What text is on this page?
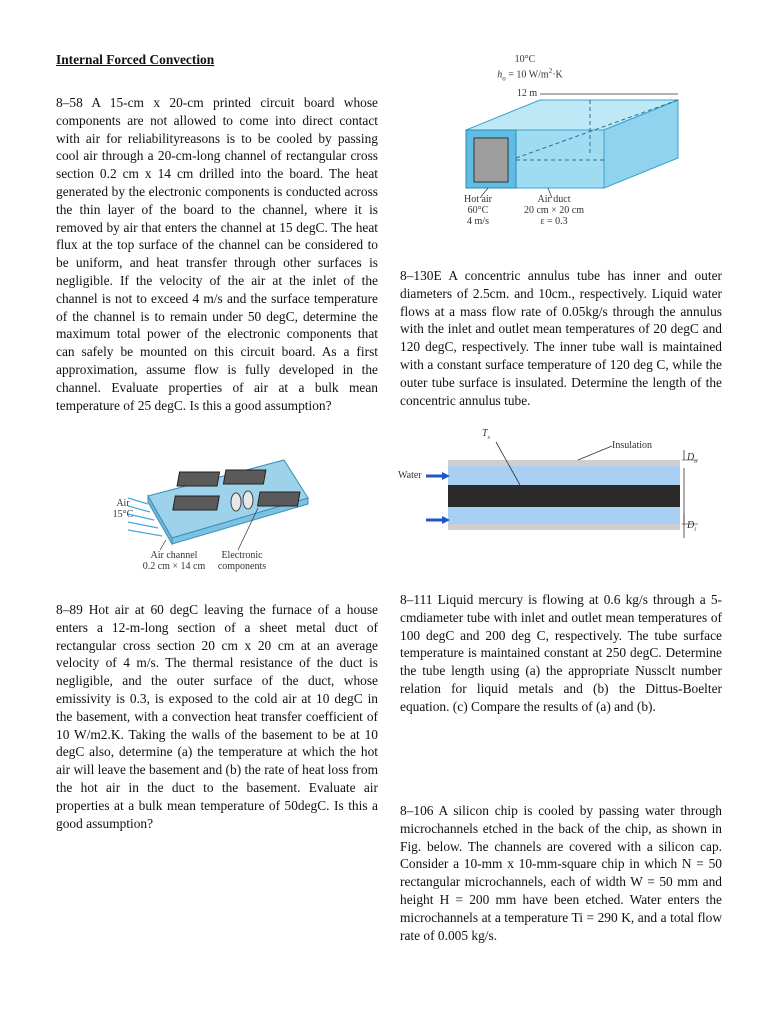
Internal Forced Convection
8–58 A 15-cm x 20-cm printed circuit board whose components are not allowed to come into direct contact with air for reliabilityreasons is to be cooled by passing cool air through a 20-cm-long channel of rectangular cross section 0.2 cm x 14 cm drilled into the board. The heat generated by the electronic components is conducted across the thin layer of the board to the channel, where it is removed by air that enters the channel at 15 degC. The heat flux at the top surface of the channel can be considered to be uniform, and heat transfer through other surfaces is negligible. If the velocity of the air at the inlet of the channel is not to exceed 4 m/s and the surface temperature of the channel is to remain under 50 degC, determine the maximum total power of the electronic components that can safely be mounted on this circuit board. As a first approximation, assume flow is fully developed in the channel. Evaluate properties of air at a bulk mean temperature of 25 degC. Is this a good assumption?
8–89 Hot air at 60 degC leaving the furnace of a house enters a 12-m-long section of a sheet metal duct of rectangular cross section 20 cm x 20 cm at an average velocity of 4 m/s. The thermal resistance of the duct is negligible, and the outer surface of the duct, whose emissivity is 0.3, is exposed to the cold air at 10 degC in the basement, with a convection heat transfer coefficient of 10 W/m2.K. Taking the walls of the basement to be at 10 degC also, determine (a) the temperature at which the hot air will leave the basement and (b) the rate of heat loss from the hot air in the duct to the basement. Evaluate air properties at a bulk mean temperature of 50degC. Is this a good assumption?
8–130E A concentric annulus tube has inner and outer diameters of 2.5cm. and 10cm., respectively. Liquid water flows at a mass flow rate of 0.05kg/s through the annulus with the inlet and outlet mean temperatures of 20 degC and 120 degC, respectively. The inner tube wall is maintained with a constant surface temperature of 120 deg C, while the outer tube surface is insulated. Determine the length of the concentric annulus tube.
8–111 Liquid mercury is flowing at 0.6 kg/s through a 5-cmdiameter tube with inlet and outlet mean temperatures of 100 degC and 200 deg C, respectively. The tube surface temperature is maintained constant at 250 degC. Determine the tube length using (a) the appropriate Nussclt number relation for liquid metals and (b) the Dittus-Boelter equation. (c) Compare the results of (a) and (b).
8–106 A silicon chip is cooled by passing water through microchannels etched in the back of the chip, as shown in Fig. below. The channels are covered with a silicon cap. Consider a 10-mm x 10-mm-square chip in which N = 50 rectangular microchannels, each of width W = 50 mm and height H = 200 mm have been etched. Water enters the microchannels at a temperature Ti = 290 K, and a total flow rate of 0.005 kg/s.
10°C
$h_o = 10$ $W/m^2\cdot K$
12 m
Hot air
60°C
4 m/s
Air duct
20 cm × 20 cm
ε = 0.3
$T_s$
Insulation
Water
$D_o$
$D_i$
Air
15°C
Air channel
0.2 cm × 14 cm
Electronic
components
